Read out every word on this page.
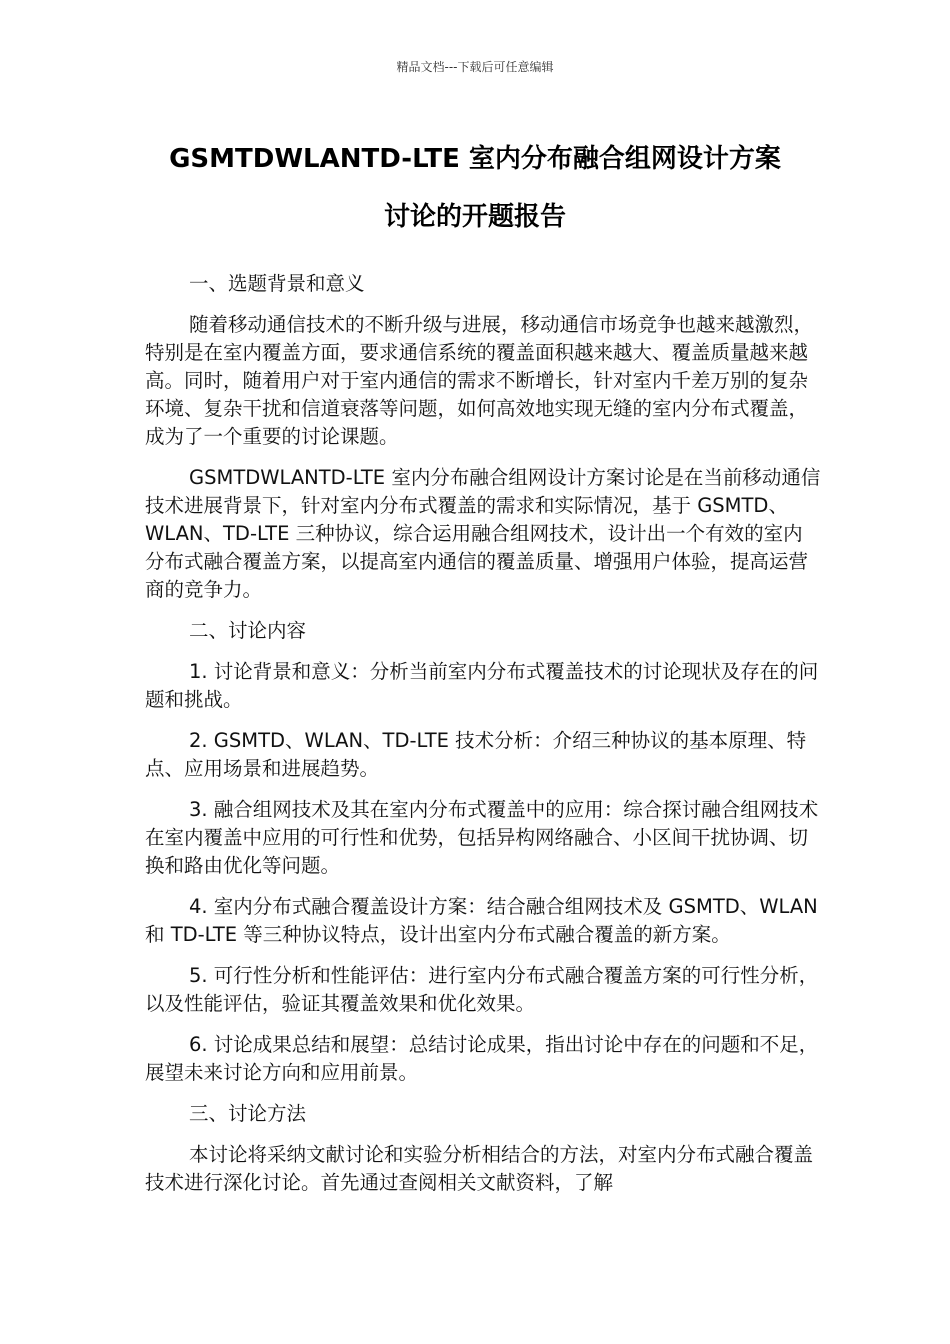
精品文档---下载后可任意编辑
GSMTDWLANTD-LTE 室内分布融合组网设计方案
讨论的开题报告

一、选题背景和意义

随着移动通信技术的不断升级与进展，移动通信市场竞争也越来越激烈，特别是在室内覆盖方面，要求通信系统的覆盖面积越来越大、覆盖质量越来越高。同时，随着用户对于室内通信的需求不断增长，针对室内千差万别的复杂环境、复杂干扰和信道衰落等问题，如何高效地实现无缝的室内分布式覆盖，成为了一个重要的讨论课题。

GSMTDWLANTD-LTE 室内分布融合组网设计方案讨论是在当前移动通信技术进展背景下，针对室内分布式覆盖的需求和实际情况，基于 GSMTD、WLAN、TD-LTE 三种协议，综合运用融合组网技术，设计出一个有效的室内分布式融合覆盖方案，以提高室内通信的覆盖质量、增强用户体验，提高运营商的竞争力。

二、讨论内容

1. 讨论背景和意义：分析当前室内分布式覆盖技术的讨论现状及存在的问题和挑战。

2. GSMTD、WLAN、TD-LTE 技术分析：介绍三种协议的基本原理、特点、应用场景和进展趋势。

3. 融合组网技术及其在室内分布式覆盖中的应用：综合探讨融合组网技术在室内覆盖中应用的可行性和优势，包括异构网络融合、小区间干扰协调、切换和路由优化等问题。

4. 室内分布式融合覆盖设计方案：结合融合组网技术及 GSMTD、WLAN 和 TD-LTE 等三种协议特点，设计出室内分布式融合覆盖的新方案。

5. 可行性分析和性能评估：进行室内分布式融合覆盖方案的可行性分析，以及性能评估，验证其覆盖效果和优化效果。

6. 讨论成果总结和展望：总结讨论成果，指出讨论中存在的问题和不足，展望未来讨论方向和应用前景。

三、讨论方法

本讨论将采纳文献讨论和实验分析相结合的方法，对室内分布式融合覆盖技术进行深化讨论。首先通过查阅相关文献资料，了解
